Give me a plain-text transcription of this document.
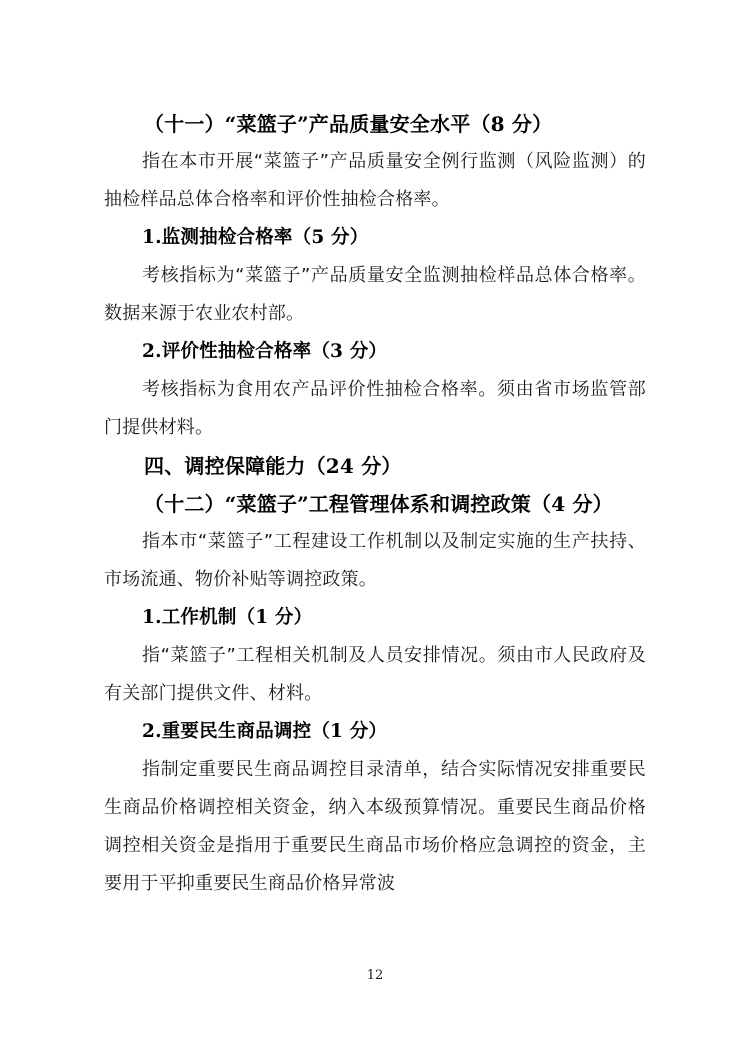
（十一）“菜篮子”产品质量安全水平（8 分）

指在本市开展“菜篮子”产品质量安全例行监测（风险监测）的抽检样品总体合格率和评价性抽检合格率。

1.监测抽检合格率（5 分）

考核指标为“菜篮子”产品质量安全监测抽检样品总体合格率。数据来源于农业农村部。

2.评价性抽检合格率（3 分）

考核指标为食用农产品评价性抽检合格率。须由省市场监管部门提供材料。

四、调控保障能力（24 分）

（十二）“菜篮子”工程管理体系和调控政策（4 分）

指本市“菜篮子”工程建设工作机制以及制定实施的生产扶持、市场流通、物价补贴等调控政策。

1.工作机制（1 分）

指“菜篮子”工程相关机制及人员安排情况。须由市人民政府及有关部门提供文件、材料。

2.重要民生商品调控（1 分）

指制定重要民生商品调控目录清单，结合实际情况安排重要民生商品价格调控相关资金，纳入本级预算情况。重要民生商品价格调控相关资金是指用于重要民生商品市场价格应急调控的资金，主要用于平抑重要民生商品价格异常波

12
